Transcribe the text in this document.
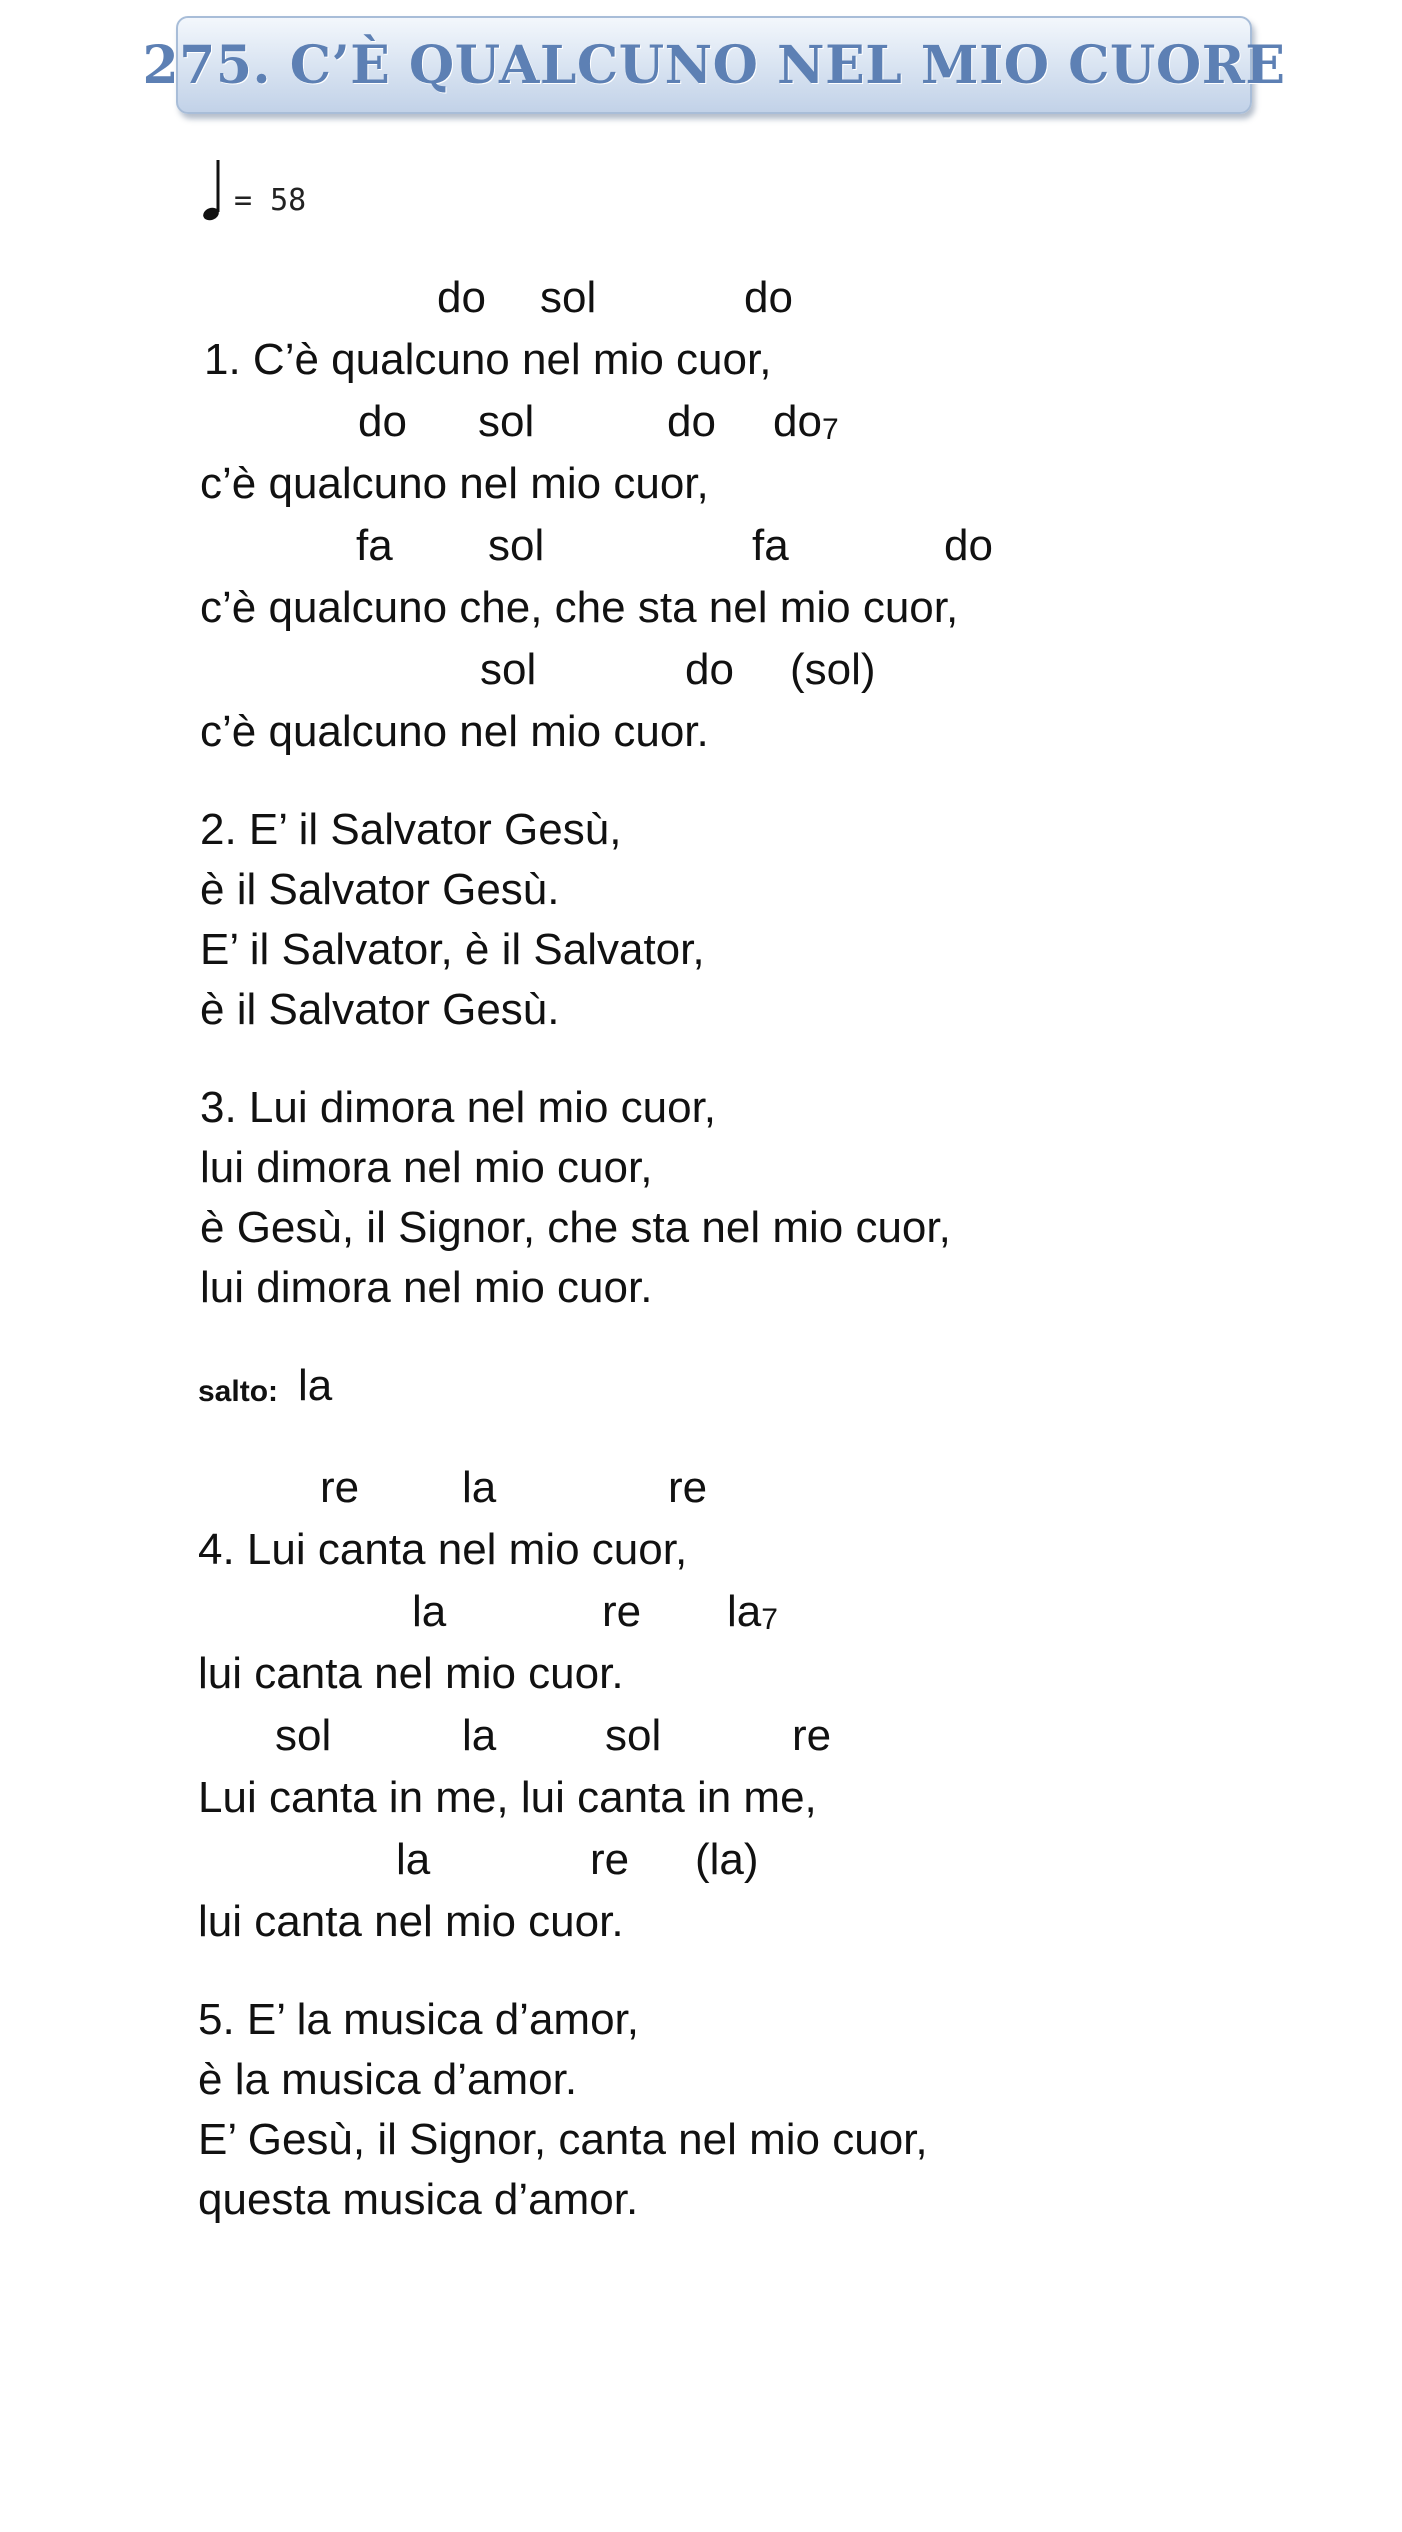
275. C’È QUALCUNO NEL MIO CUORE
= 58
do sol	do
1. C’è qualcuno nel mio cuor,
do sol	do $do_7$
c’è qualcuno nel mio cuor,
fa sol	fa	do
c’è qualcuno che, che sta nel mio cuor,
sol	do (sol)
c’è qualcuno nel mio cuor.
2. E’ il Salvator Gesù,
è il Salvator Gesù.
E’ il Salvator, è il Salvator,
è il Salvator Gesù.
3. Lui dimora nel mio cuor,
lui dimora nel mio cuor,
è Gesù, il Signor, che sta nel mio cuor,
lui dimora nel mio cuor.
salto: la
re la	re
4. Lui canta nel mio cuor,
la	re $la_7$
lui canta nel mio cuor.
sol	la sol	re
Lui canta in me, lui canta in me,
la	re (la)
lui canta nel mio cuor.
5. E’ la musica d’amor,
è la musica d’amor.
E’ Gesù, il Signor, canta nel mio cuor,
questa musica d’amor.
